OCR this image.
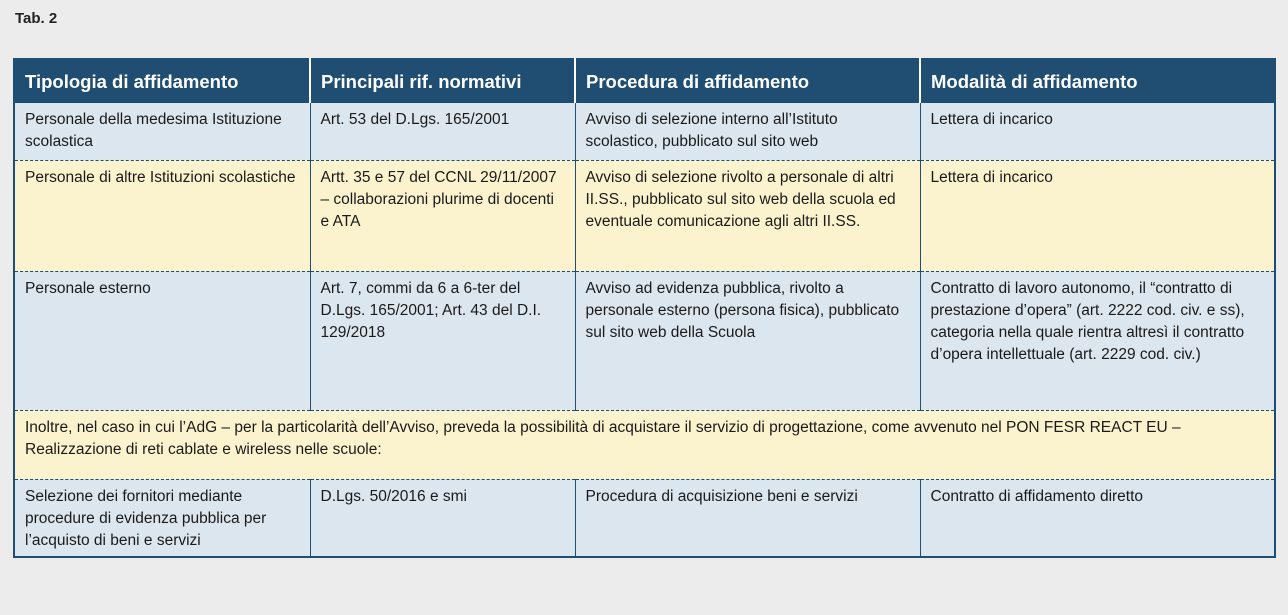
Tab. 2
Tipologia di affidamento	Principali rif. normativi	Procedura di affidamento	Modalità di affidamento
Personale della medesima Istituzione scolastica	Art. 53 del D.Lgs. 165/2001	Avviso di selezione interno all’Istituto scolastico, pubblicato sul sito web	Lettera di incarico
Personale di altre Istituzioni scolastiche	Artt. 35 e 57 del CCNL 29/11/2007 – collaborazioni plurime di docenti e ATA	Avviso di selezione rivolto a personale di altri II.SS., pubblicato sul sito web della scuola ed eventuale comunicazione agli altri II.SS.	Lettera di incarico
Personale esterno	Art. 7, commi da 6 a 6-ter del D.Lgs. 165/2001; Art. 43 del D.I. 129/2018	Avviso ad evidenza pubblica, rivolto a personale esterno (persona fisica), pubblicato sul sito web della Scuola	Contratto di lavoro autonomo, il “contratto di prestazione d’opera” (art. 2222 cod. civ. e ss), categoria nella quale rientra altresì il contratto d’opera intellettuale (art. 2229 cod. civ.)
Inoltre, nel caso in cui l’AdG – per la particolarità dell’Avviso, preveda la possibilità di acquistare il servizio di progettazione, come avvenuto nel PON FESR REACT EU – Realizzazione di reti cablate e wireless nelle scuole:			
Selezione dei fornitori mediante procedure di evidenza pubblica per l’acquisto di beni e servizi	D.Lgs. 50/2016 e smi	Procedura di acquisizione beni e servizi	Contratto di affidamento diretto
